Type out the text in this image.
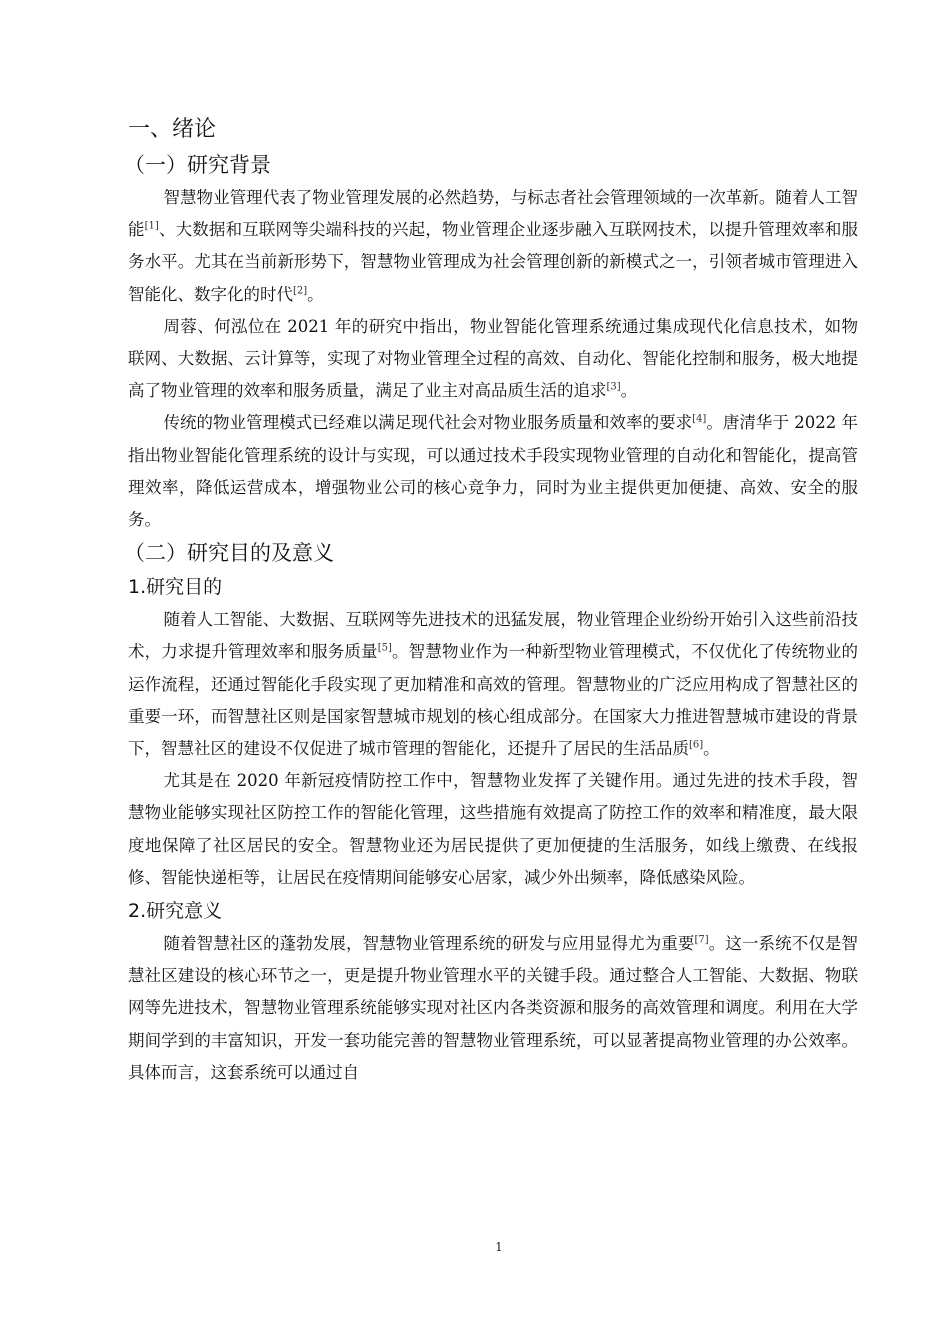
一、绪论
（一）研究背景

智慧物业管理代表了物业管理发展的必然趋势，与标志者社会管理领域的一次革新。随着人工智能[1]、大数据和互联网等尖端科技的兴起，物业管理企业逐步融入互联网技术，以提升管理效率和服务水平。尤其在当前新形势下，智慧物业管理成为社会管理创新的新模式之一，引领者城市管理进入智能化、数字化的时代[2]。

周蓉、何泓位在 2021 年的研究中指出，物业智能化管理系统通过集成现代化信息技术，如物联网、大数据、云计算等，实现了对物业管理全过程的高效、自动化、智能化控制和服务，极大地提高了物业管理的效率和服务质量，满足了业主对高品质生活的追求[3]。

传统的物业管理模式已经难以满足现代社会对物业服务质量和效率的要求[4]。唐清华于 2022 年指出物业智能化管理系统的设计与实现，可以通过技术手段实现物业管理的自动化和智能化，提高管理效率，降低运营成本，增强物业公司的核心竞争力，同时为业主提供更加便捷、高效、安全的服务。

（二）研究目的及意义
1.研究目的

随着人工智能、大数据、互联网等先进技术的迅猛发展，物业管理企业纷纷开始引入这些前沿技术，力求提升管理效率和服务质量[5]。智慧物业作为一种新型物业管理模式，不仅优化了传统物业的运作流程，还通过智能化手段实现了更加精准和高效的管理。智慧物业的广泛应用构成了智慧社区的重要一环，而智慧社区则是国家智慧城市规划的核心组成部分。在国家大力推进智慧城市建设的背景下，智慧社区的建设不仅促进了城市管理的智能化，还提升了居民的生活品质[6]。

尤其是在 2020 年新冠疫情防控工作中，智慧物业发挥了关键作用。通过先进的技术手段，智慧物业能够实现社区防控工作的智能化管理，这些措施有效提高了防控工作的效率和精准度，最大限度地保障了社区居民的安全。智慧物业还为居民提供了更加便捷的生活服务，如线上缴费、在线报修、智能快递柜等，让居民在疫情期间能够安心居家，减少外出频率，降低感染风险。

2.研究意义

随着智慧社区的蓬勃发展，智慧物业管理系统的研发与应用显得尤为重要[7]。这一系统不仅是智慧社区建设的核心环节之一，更是提升物业管理水平的关键手段。通过整合人工智能、大数据、物联网等先进技术，智慧物业管理系统能够实现对社区内各类资源和服务的高效管理和调度。利用在大学期间学到的丰富知识，开发一套功能完善的智慧物业管理系统，可以显著提高物业管理的办公效率。具体而言，这套系统可以通过自

1
